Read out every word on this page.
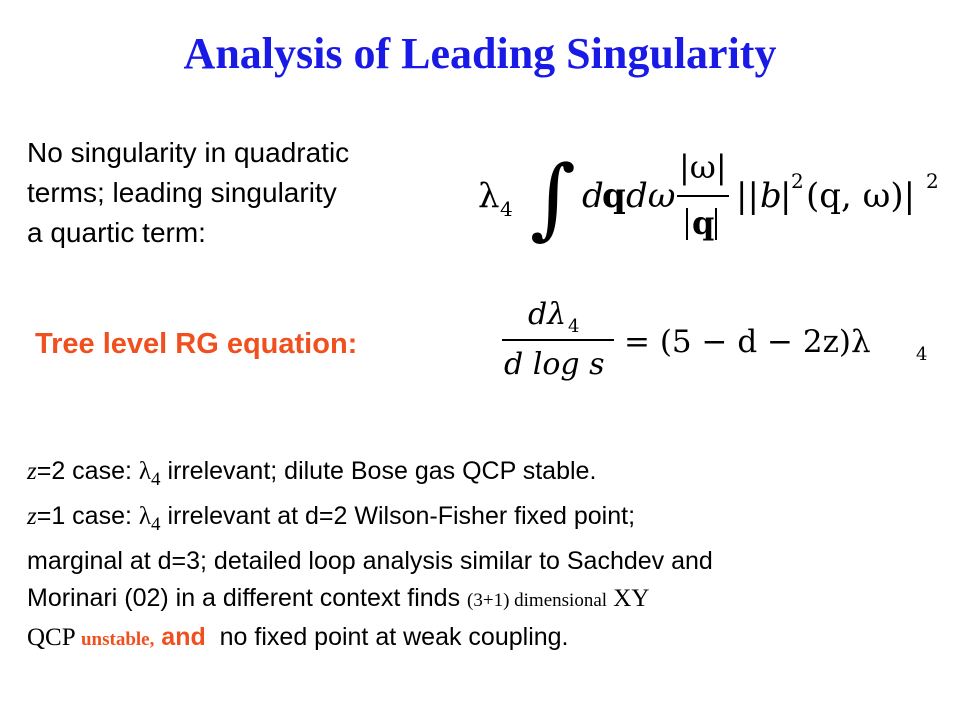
Analysis of Leading Singularity
No singularity in quadratic
terms; leading singularity
a quartic term:
λ 4 ∫ d
q dω
|ω|
q
|| b
| 2 (q, ω)| 2
Tree level RG equation:
dλ 4
d log s
= (5 − d − 2z)λ	4
z=2 case: $\lambda_4$ irrelevant; dilute Bose gas QCP stable.
z=1 case: $\lambda_4$ irrelevant at d=2 Wilson-Fisher fixed point;
marginal at d=3; detailed loop analysis similar to Sachdev and
Morinari (02) in a different context finds (3+1) dimensional XY
QCP unstable, and  no fixed point at weak coupling.
